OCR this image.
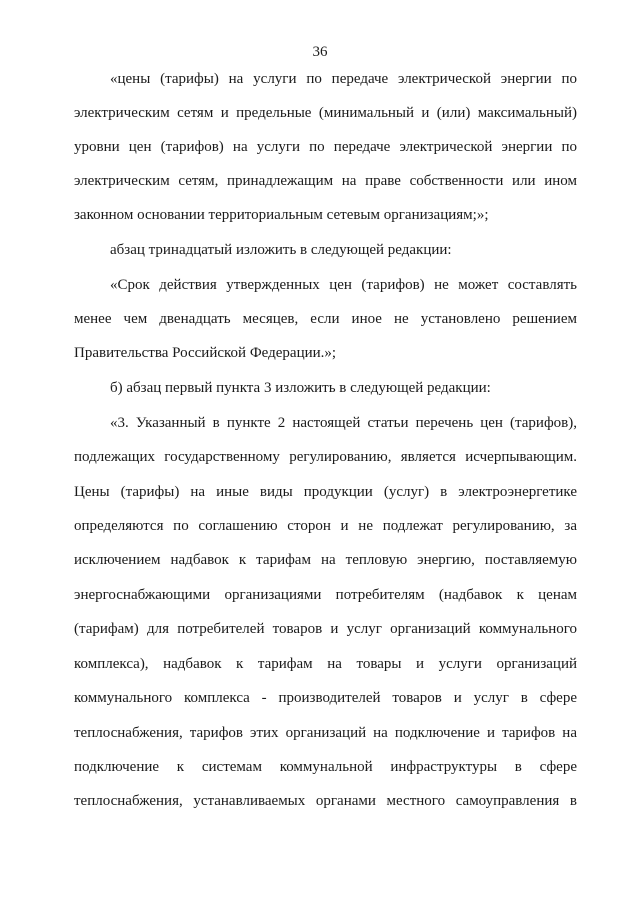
36
«цены (тарифы) на услуги по передаче электрической энергии по
электрическим сетям и предельные (минимальный и (или) максимальный)
уровни цен (тарифов) на услуги по передаче электрической энергии по
электрическим сетям, принадлежащим на праве собственности или ином
законном основании территориальным сетевым организациям;»;
абзац тринадцатый изложить в следующей редакции:
«Срок действия утвержденных цен (тарифов) не может составлять
менее чем двенадцать месяцев, если иное не установлено решением
Правительства Российской Федерации.»;
б) абзац первый пункта 3 изложить в следующей редакции:
«3. Указанный в пункте 2 настоящей статьи перечень цен (тарифов),
подлежащих государственному регулированию, является исчерпывающим.
Цены (тарифы) на иные виды продукции (услуг) в электроэнергетике
определяются по соглашению сторон и не подлежат регулированию, за
исключением надбавок к тарифам на тепловую энергию, поставляемую
энергоснабжающими организациями потребителям (надбавок к ценам
(тарифам) для потребителей товаров и услуг организаций коммунального
комплекса), надбавок к тарифам на товары и услуги организаций
коммунального комплекса - производителей товаров и услуг в сфере
теплоснабжения, тарифов этих организаций на подключение и тарифов на
подключение к системам коммунальной инфраструктуры в сфере
теплоснабжения, устанавливаемых органами местного самоуправления в
